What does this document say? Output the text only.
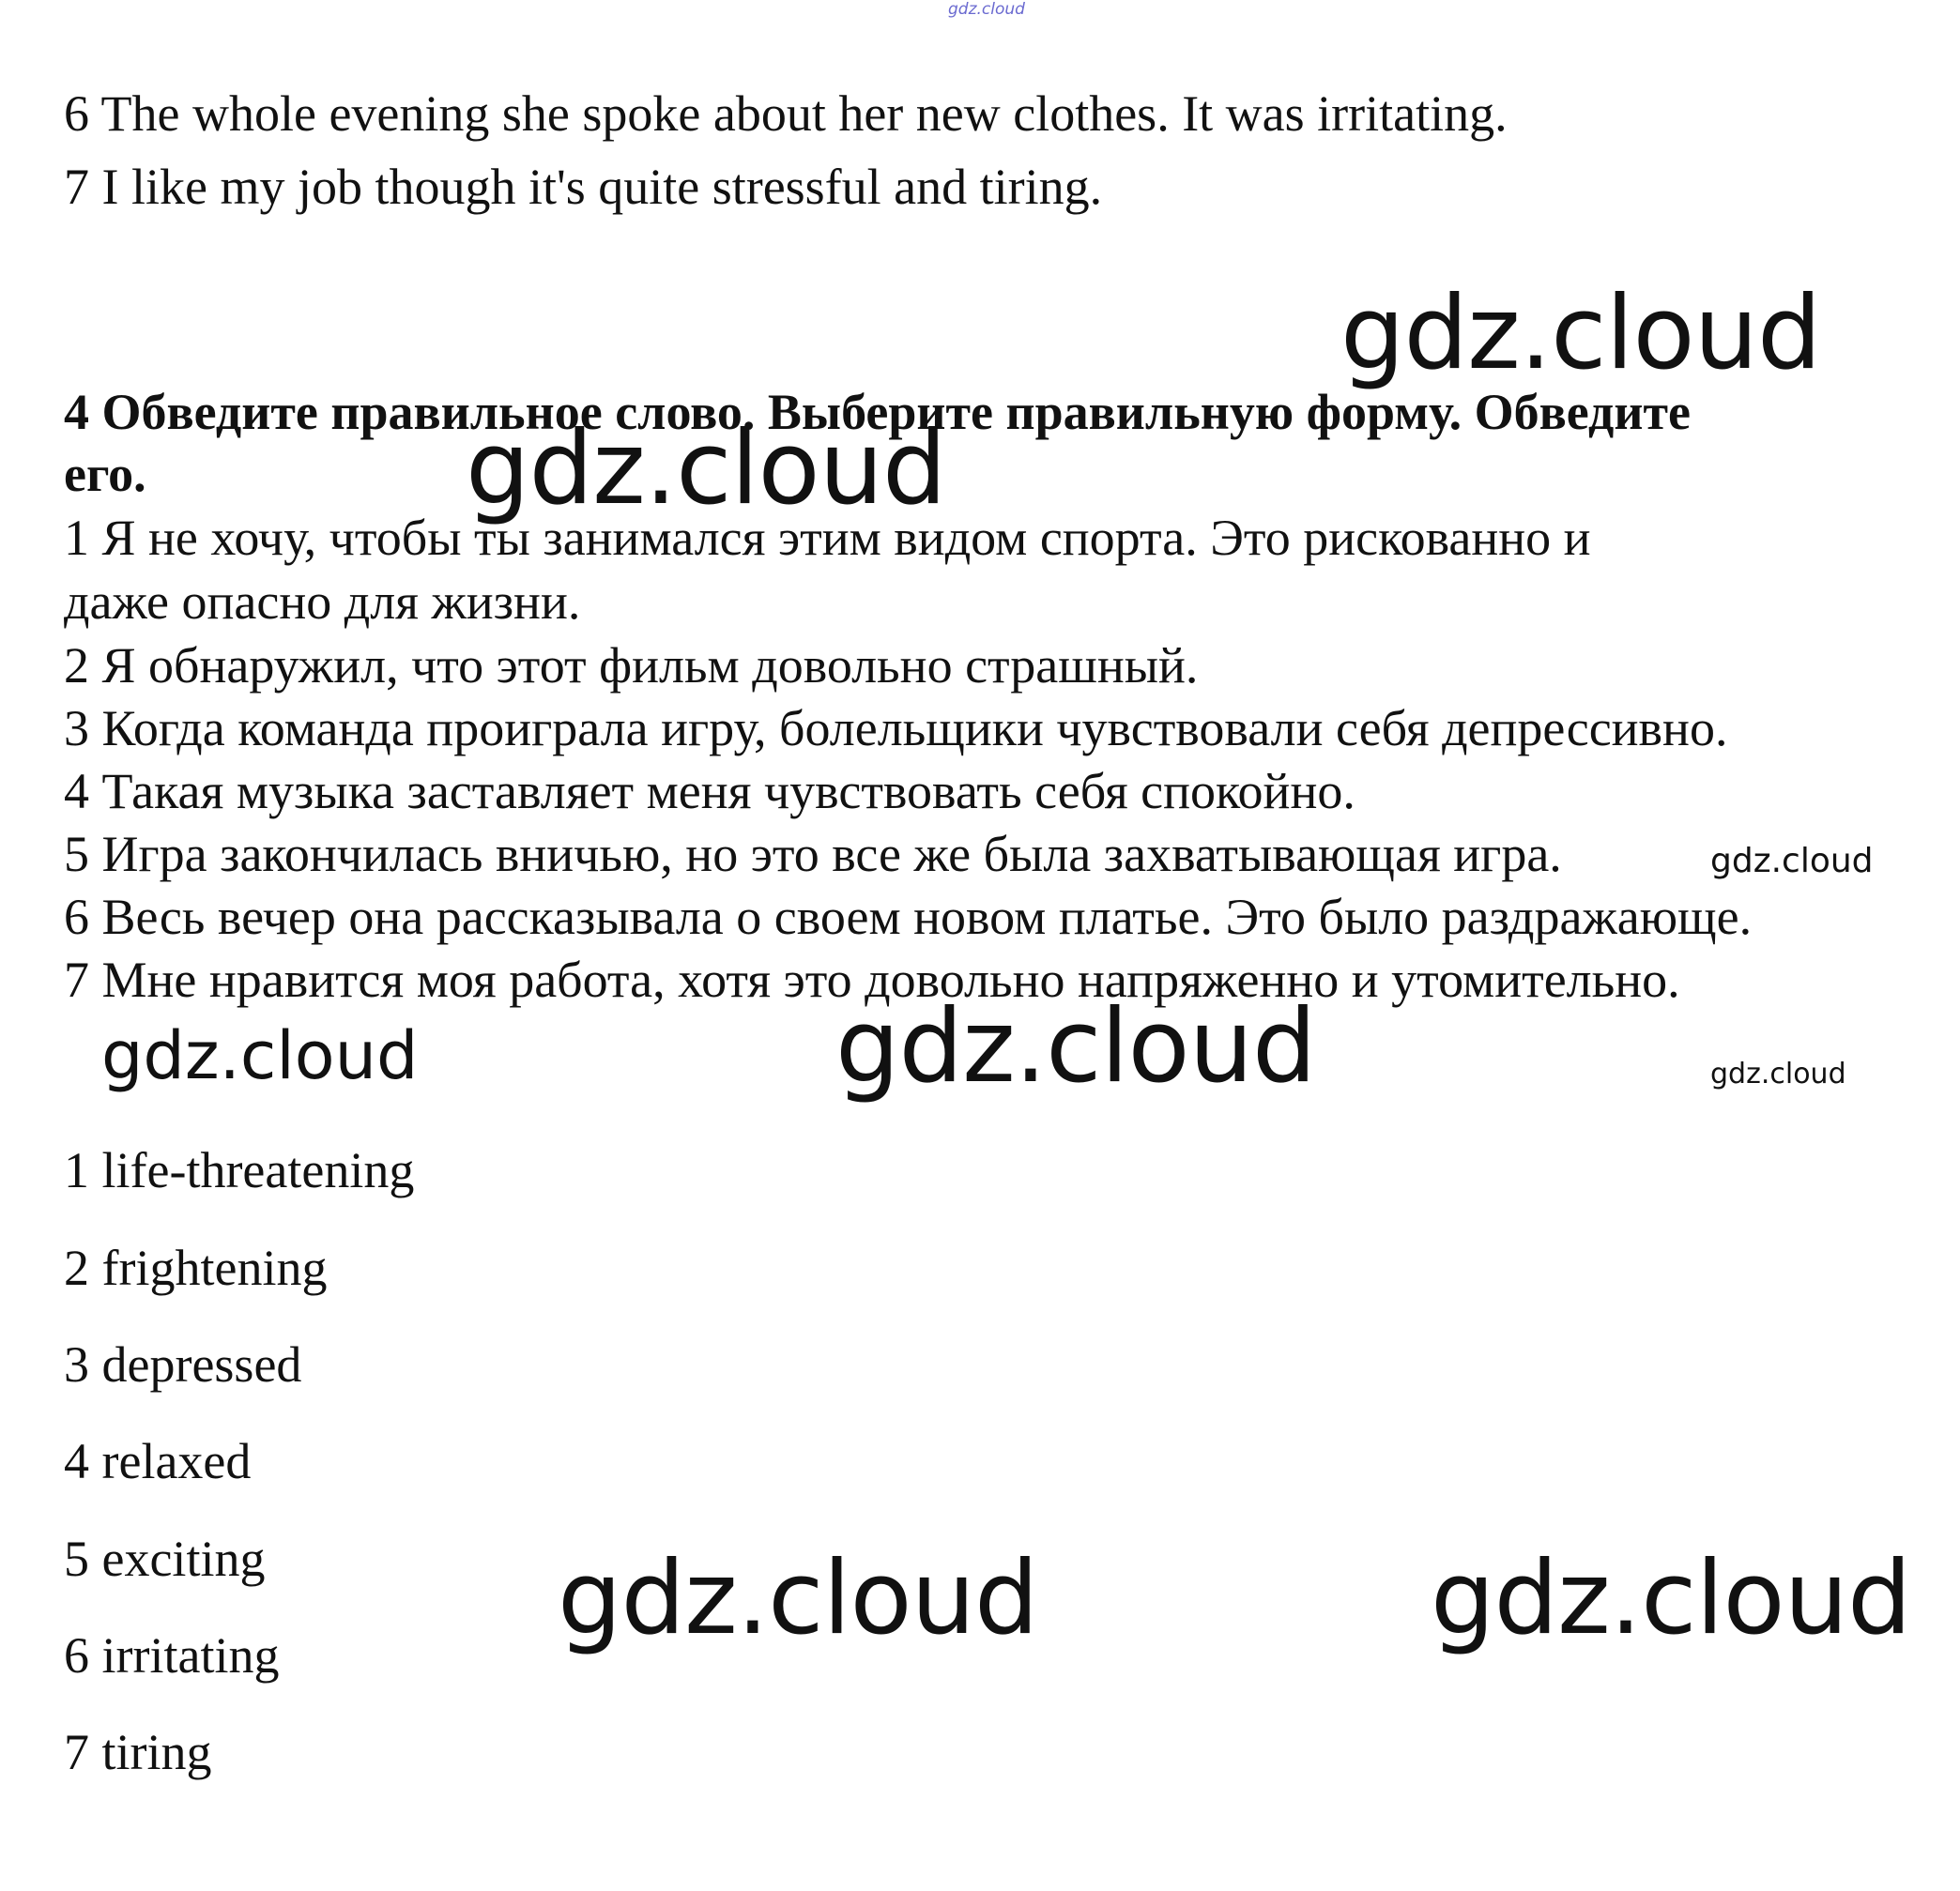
gdz.cloud
6 The whole evening she spoke about her new clothes. It was irritating.
7 I like my job though it's quite stressful and tiring.
gdz.cloud
4 Обведите правильное слово. Выберите правильную форму. Обведите
его.	gdz.cloud
1 Я не хочу, чтобы ты занимался этим видом спорта. Это рискованно и
даже опасно для жизни.
2 Я обнаружил, что этот фильм довольно страшный.
3 Когда команда проиграла игру, болельщики чувствовали себя депрессивно.
4 Такая музыка заставляет меня чувствовать себя спокойно.
5 Игра закончилась вничью, но это все же была захватывающая игра.	gdz.cloud
6 Весь вечер она рассказывала о своем новом платье. Это было раздражающе.
7 Мне нравится моя работа, хотя это довольно напряженно и утомительно.
gdz.cloud	gdz.cloud	gdz.cloud
1 life-threatening
2 frightening
3 depressed
4 relaxed
5 exciting
6 irritating
7 tiring
gdz.cloud	gdz.cloud
